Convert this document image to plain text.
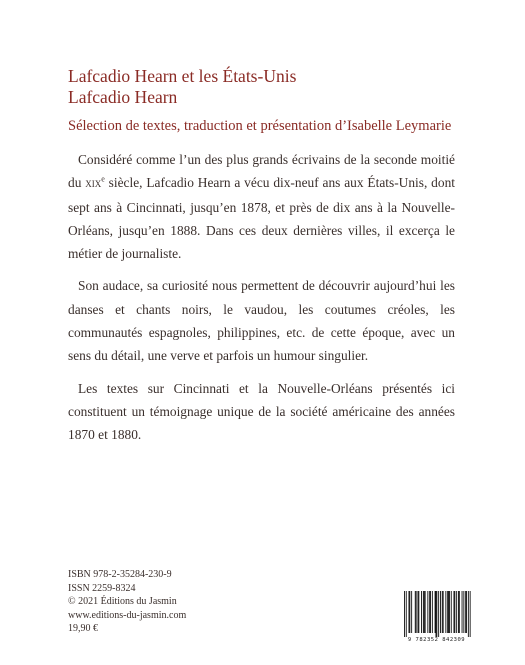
Lafcadio Hearn et les États-Unis
Lafcadio Hearn
Sélection de textes, traduction et présentation d’Isabelle Leymarie

Considéré comme l’un des plus grands écrivains de la seconde moitié du xix$^e$ siècle, Lafcadio Hearn a vécu dix-neuf ans aux États-Unis, dont sept ans à Cincinnati, jusqu’en 1878, et près de dix ans à la Nouvelle-Orléans, jusqu’en 1888. Dans ces deux dernières villes, il excerça le métier de journaliste.

Son audace, sa curiosité nous permettent de découvrir aujourd’hui les danses et chants noirs, le vaudou, les coutumes créoles, les communautés espagnoles, philippines, etc. de cette époque, avec un sens du détail, une verve et parfois un humour singulier.

Les textes sur Cincinnati et la Nouvelle-Orléans présentés ici constituent un témoignage unique de la société américaine des années 1870 et 1880.

ISBN 978-2-35284-230-9
ISSN 2259-8324
© 2021 Éditions du Jasmin
www.editions-du-jasmin.com
19,90 €
9 782352 842309
